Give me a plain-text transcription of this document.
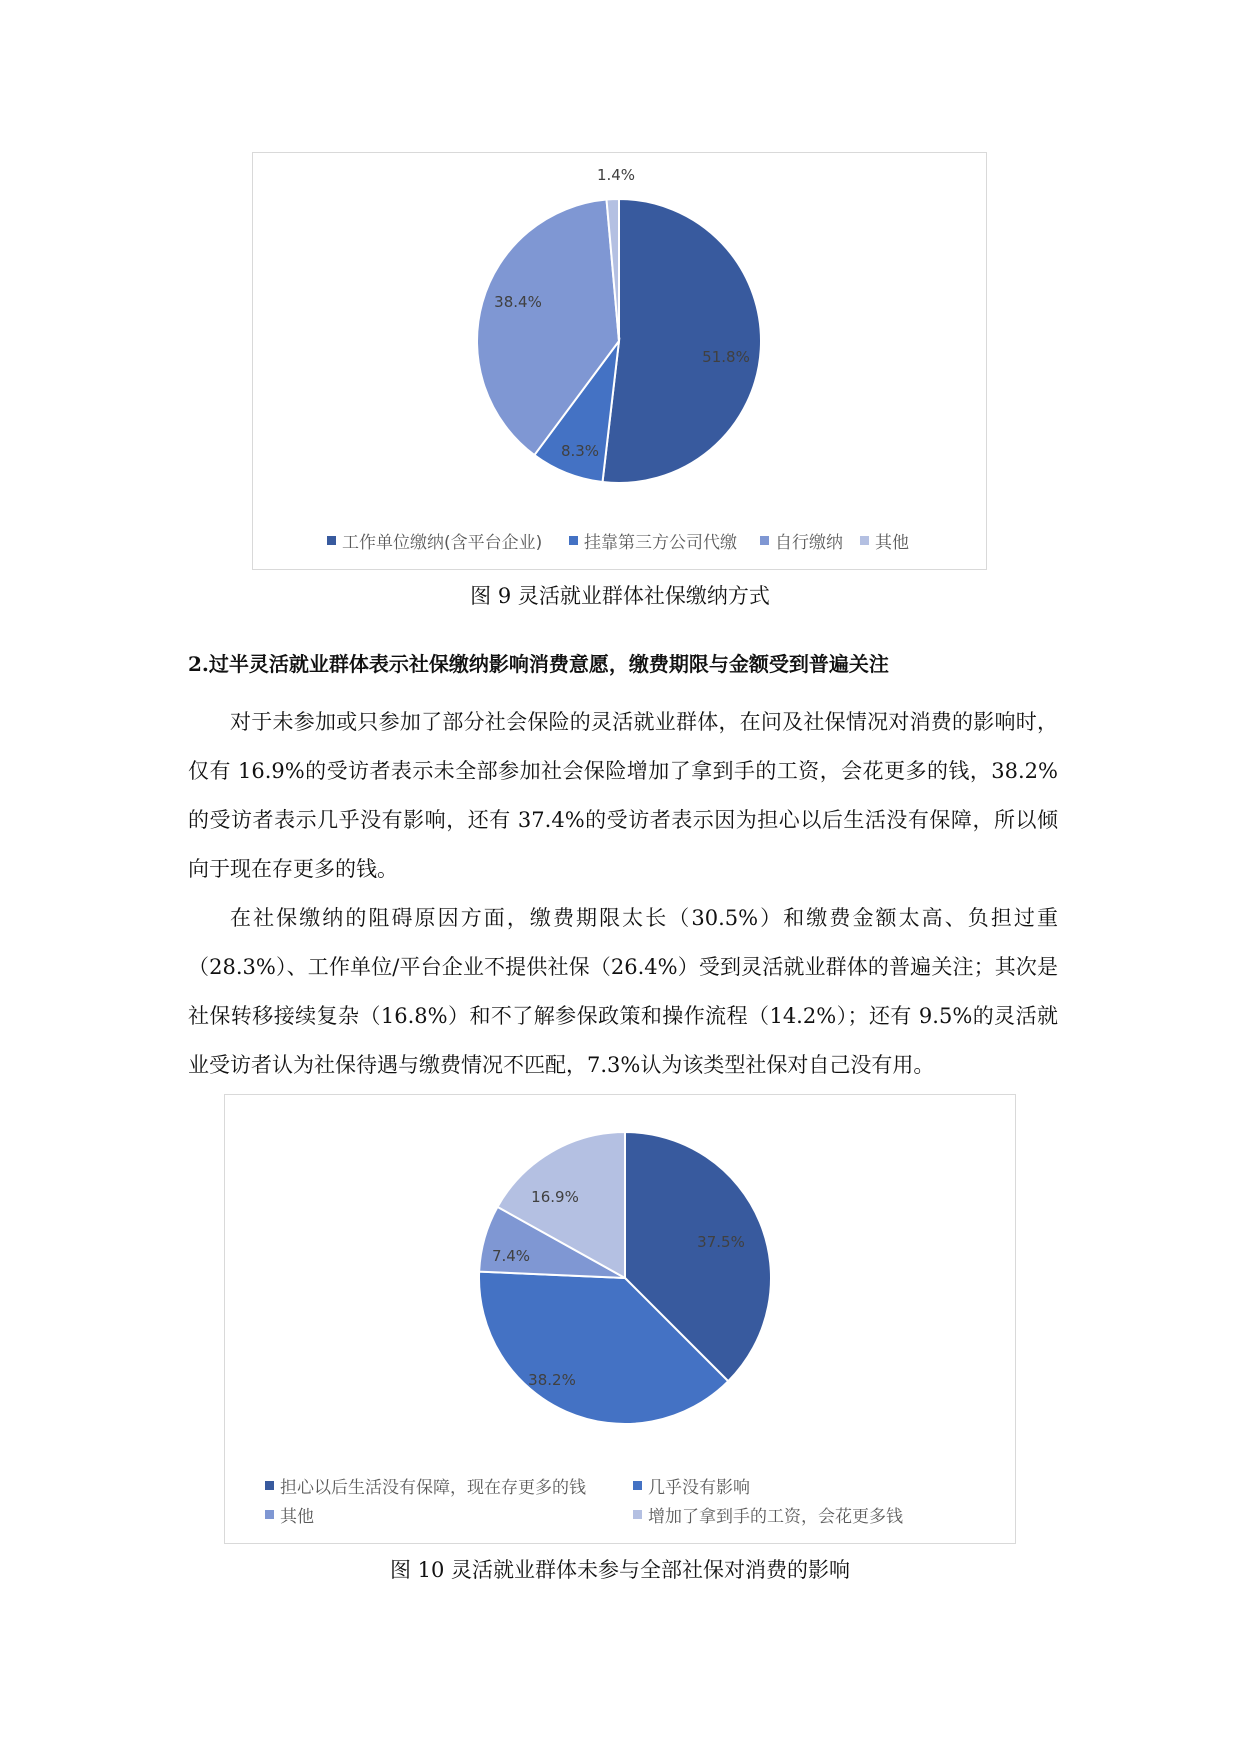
51.8%
8.3%
38.4%
1.4%
工作单位缴纳(含平台企业) 挂靠第三方公司代缴 自行缴纳 其他
图 9 灵活就业群体社保缴纳方式
2.过半灵活就业群体表示社保缴纳影响消费意愿，缴费期限与金额受到普遍关注

对于未参加或只参加了部分社会保险的灵活就业群体，在问及社保情况对消费的影响时，仅有 16.9%的受访者表示未全部参加社会保险增加了拿到手的工资，会花更多的钱，38.2%的受访者表示几乎没有影响，还有 37.4%的受访者表示因为担心以后生活没有保障，所以倾向于现在存更多的钱。

在社保缴纳的阻碍原因方面，缴费期限太长（30.5%）和缴费金额太高、负担过重（28.3%）、工作单位/平台企业不提供社保（26.4%）受到灵活就业群体的普遍关注；其次是社保转移接续复杂（16.8%）和不了解参保政策和操作流程（14.2%）；还有 9.5%的灵活就业受访者认为社保待遇与缴费情况不匹配，7.3%认为该类型社保对自己没有用。

37.5%
38.2%
7.4%
16.9%
担心以后生活没有保障，现在存更多的钱	几乎没有影响
其他	增加了拿到手的工资，会花更多钱
图 10 灵活就业群体未参与全部社保对消费的影响
